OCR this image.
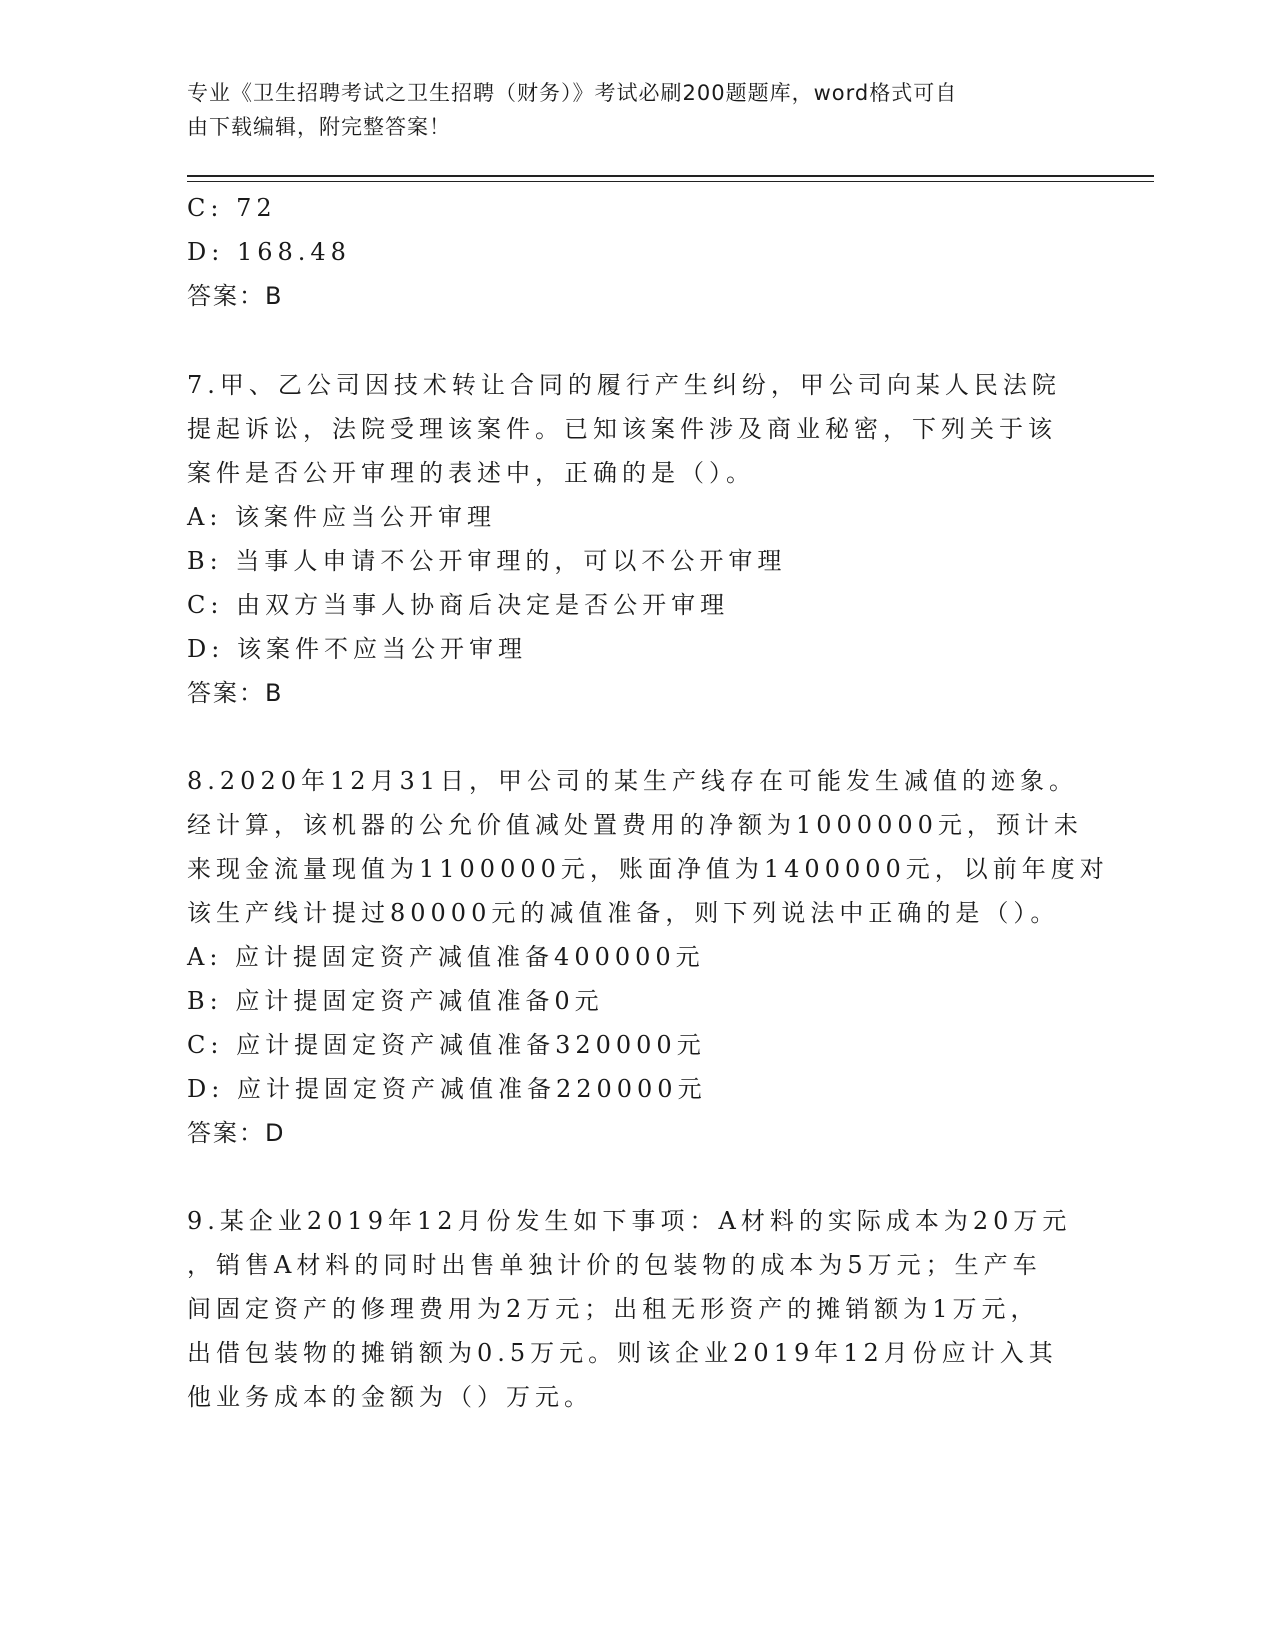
专业《卫生招聘考试之卫生招聘（财务）》考试必刷200题题库，word格式可自
由下载编辑，附完整答案！
C: 72
D: 168.48
答案：B
7.甲、乙公司因技术转让合同的履行产生纠纷，甲公司向某人民法院
提起诉讼，法院受理该案件。已知该案件涉及商业秘密，下列关于该
案件是否公开审理的表述中，正确的是（）。
A: 该案件应当公开审理
B: 当事人申请不公开审理的，可以不公开审理
C: 由双方当事人协商后决定是否公开审理
D: 该案件不应当公开审理
答案：B
8.2020年12月31日，甲公司的某生产线存在可能发生减值的迹象。
经计算，该机器的公允价值减处置费用的净额为1000000元，预计未
来现金流量现值为1100000元，账面净值为1400000元，以前年度对
该生产线计提过80000元的减值准备，则下列说法中正确的是（）。
A: 应计提固定资产减值准备400000元
B: 应计提固定资产减值准备0元
C: 应计提固定资产减值准备320000元
D: 应计提固定资产减值准备220000元
答案：D
9.某企业2019年12月份发生如下事项：A材料的实际成本为20万元
，销售A材料的同时出售单独计价的包装物的成本为5万元；生产车
间固定资产的修理费用为2万元；出租无形资产的摊销额为1万元，
出借包装物的摊销额为0.5万元。则该企业2019年12月份应计入其
他业务成本的金额为（）万元。
